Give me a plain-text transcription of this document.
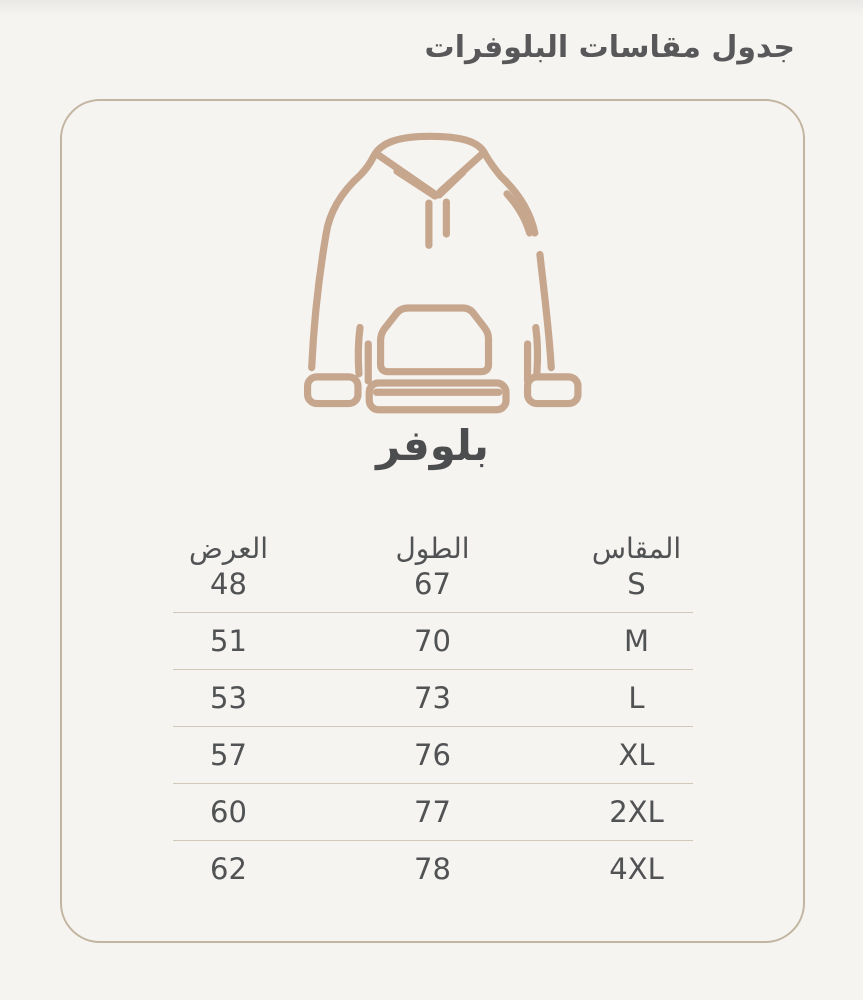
جدول مقاسات البلوفرات
بلوفر
المقاس
الطول
العرض
S
67
48
M
70
51
L
73
53
XL
76
57
2XL
77
60
4XL
78
62
